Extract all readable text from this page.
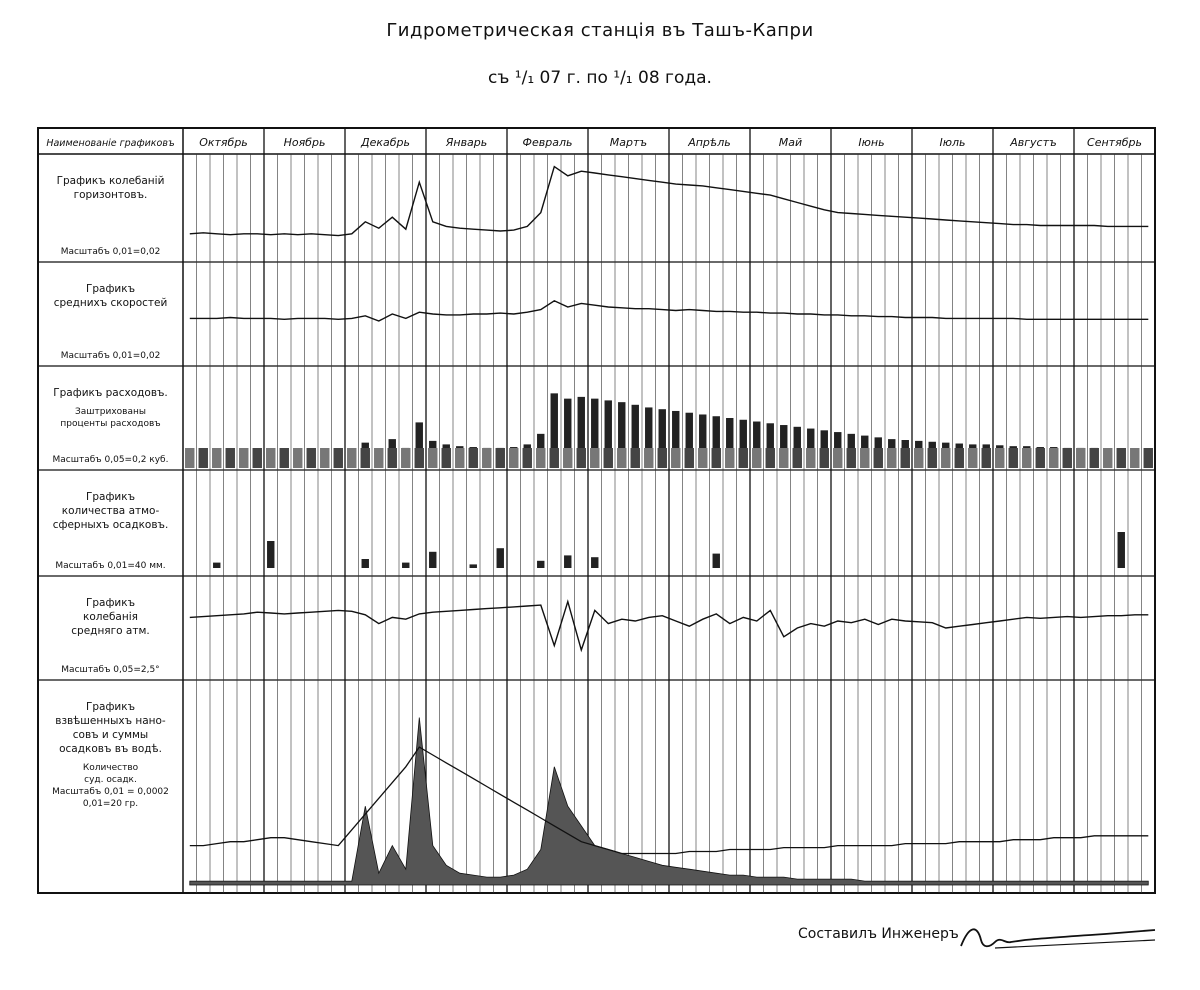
Гидрометрическая станція въ Ташъ-Капри
съ ¹/₁ 07 г. по ¹/₁ 08 года.
Наименованіе графиковъ Октябрь	Ноябрь	Декабрь	Январь	Февраль	Мартъ	Апрѣль	Май	Іюнь	Іюль	Августъ	Сентябрь
Графикъ колебаній
горизонтовъ.
Масштабъ 0,01=0,02
Графикъ
среднихъ скоростей
Масштабъ 0,01=0,02
Графикъ расходовъ.
Заштрихованы
проценты расходовъ
Масштабъ 0,05=0,2 куб.
Графикъ
количества атмо-
сферныхъ осадковъ.
Масштабъ 0,01=40 мм.
Графикъ
колебанія
средняго атм.
Масштабъ 0,05=2,5°
Графикъ
взвѣшенныхъ нано-
совъ и суммы
осадковъ въ водѣ.
Количество
суд. осадк.
Масштабъ 0,01 = 0,0002
0,01=20 гр.
Составилъ Инженеръ
